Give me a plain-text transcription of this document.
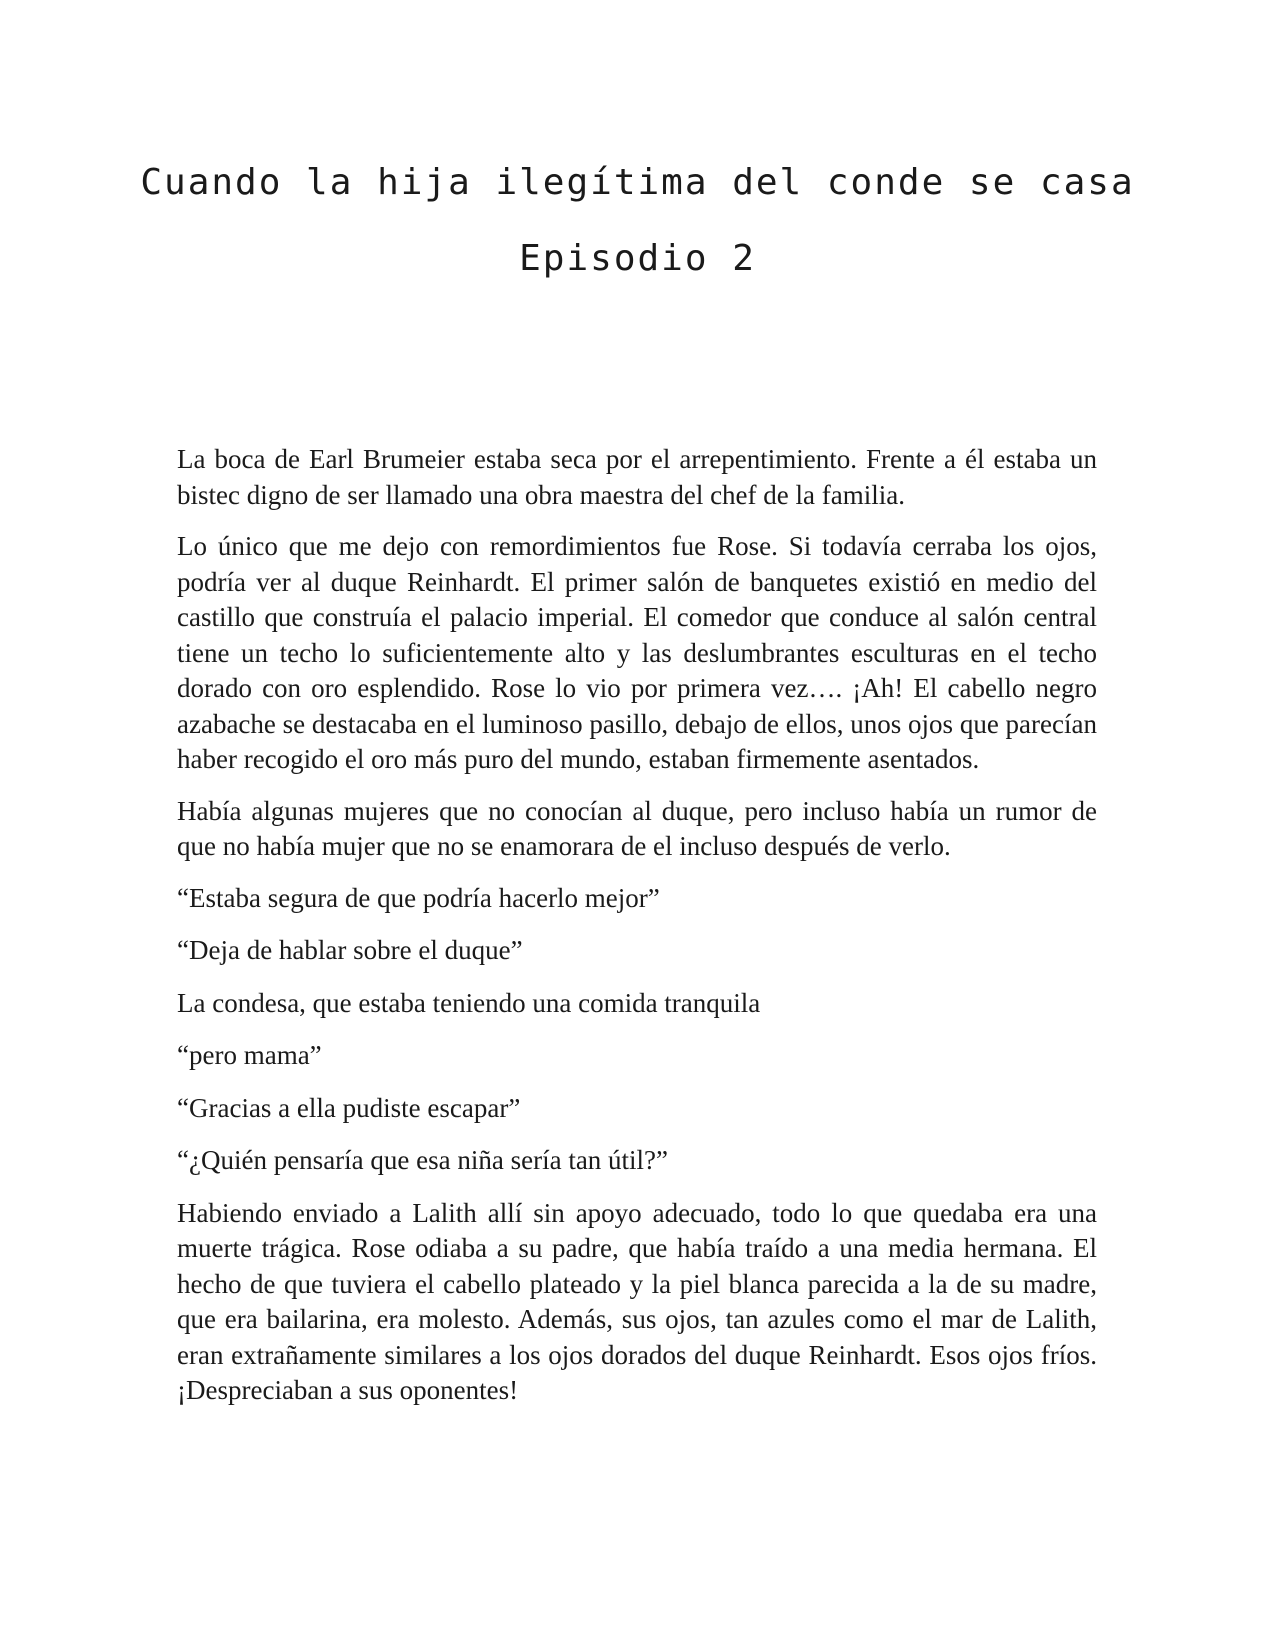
Cuando la hija ilegítima del conde se casa
Episodio 2

La boca de Earl Brumeier estaba seca por el arrepentimiento. Frente a él estaba un bistec digno de ser llamado una obra maestra del chef de la familia.

Lo único que me dejo con remordimientos fue Rose. Si todavía cerraba los ojos, podría ver al duque Reinhardt. El primer salón de banquetes existió en medio del castillo que construía el palacio imperial. El comedor que conduce al salón central tiene un techo lo suficientemente alto y las deslumbrantes esculturas en el techo dorado con oro esplendido. Rose lo vio por primera vez…. ¡Ah! El cabello negro azabache se destacaba en el luminoso pasillo, debajo de ellos, unos ojos que parecían haber recogido el oro más puro del mundo, estaban firmemente asentados.

Había algunas mujeres que no conocían al duque, pero incluso había un rumor de que no había mujer que no se enamorara de el incluso después de verlo.

“Estaba segura de que podría hacerlo mejor”

“Deja de hablar sobre el duque”

La condesa, que estaba teniendo una comida tranquila

“pero mama”

“Gracias a ella pudiste escapar”

“¿Quién pensaría que esa niña sería tan útil?”

Habiendo enviado a Lalith allí sin apoyo adecuado, todo lo que quedaba era una muerte trágica. Rose odiaba a su padre, que había traído a una media hermana. El hecho de que tuviera el cabello plateado y la piel blanca parecida a la de su madre, que era bailarina, era molesto. Además, sus ojos, tan azules como el mar de Lalith, eran extrañamente similares a los ojos dorados del duque Reinhardt. Esos ojos fríos. ¡Despreciaban a sus oponentes!
